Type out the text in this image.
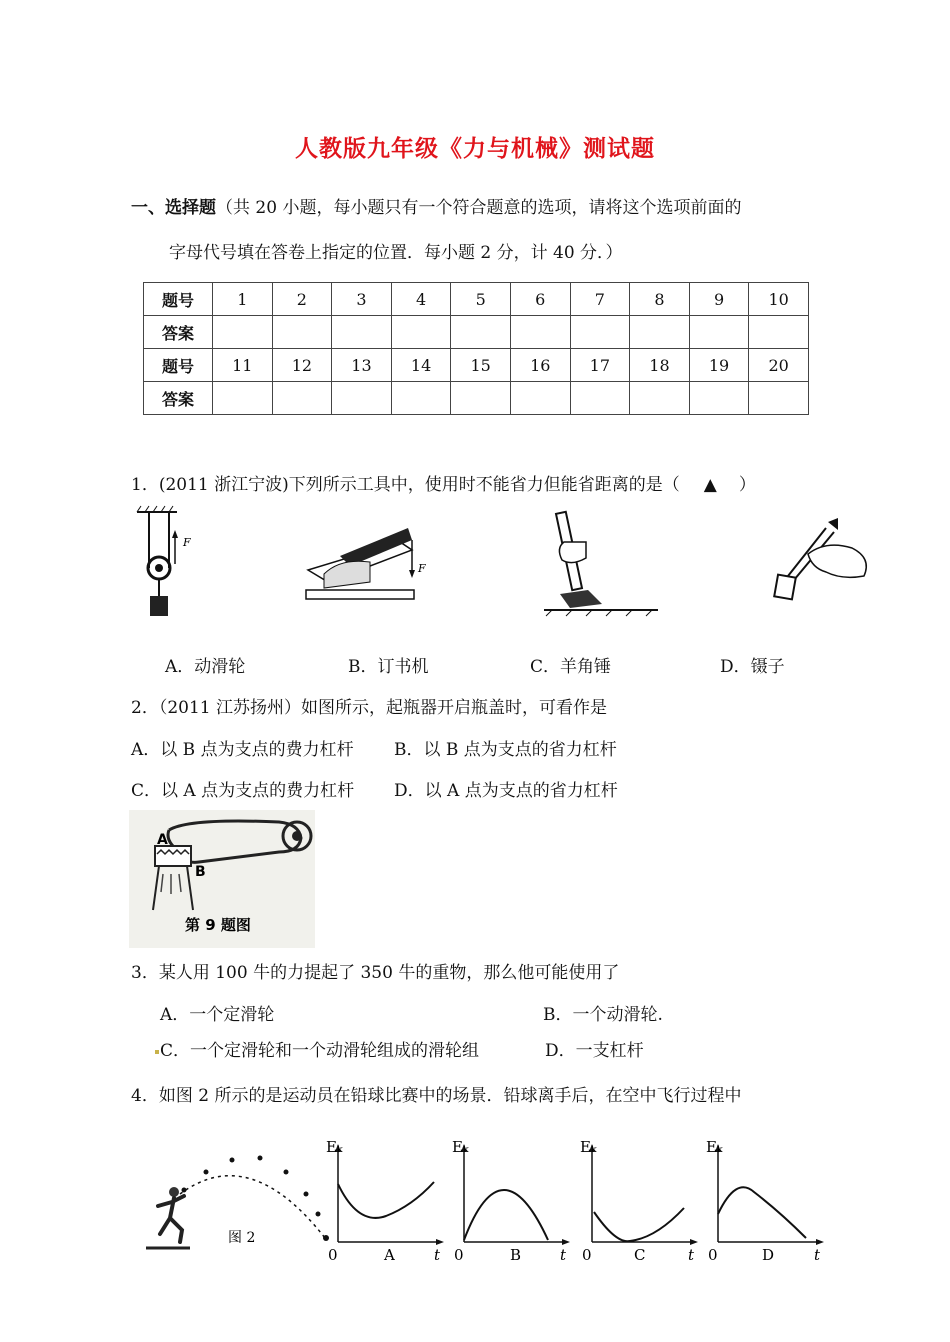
人教版九年级《力与机械》测试题
一、选择题（共 20 小题，每小题只有一个符合题意的选项，请将这个选项前面的
字母代号填在答卷上指定的位置．每小题 2 分，计 40 分．）
题号	1	2	3	4	5	6	7	8	9	10
答案										
题号	11	12	13	14	15	16	17	18	19	20
答案										
1．(2011 浙江宁波)下列所示工具中，使用时不能省力但能省距离的是（ ▲ ）
F
F
A．动滑轮	B．订书机	C．羊角锤	D．镊子
2．（2011 江苏扬州）如图所示，起瓶器开启瓶盖时，可看作是
A．以 B 点为支点的费力杠杆 B．以 B 点为支点的省力杠杆
C．以 A 点为支点的费力杠杆 D．以 A 点为支点的省力杠杆
A
B
第 9 题图
3．某人用 100 牛的力提起了 350 牛的重物，那么他可能使用了
A．一个定滑轮	B．一个动滑轮.
C．一个定滑轮和一个动滑轮组成的滑轮组	D．一支杠杆
4．如图 2 所示的是运动员在铅球比赛中的场景．铅球离手后，在空中飞行过程中
图 2
Eₖ
0	A	t
Eₖ
0	B	t
Eₖ
0	C	t
Eₖ
0	D	t
